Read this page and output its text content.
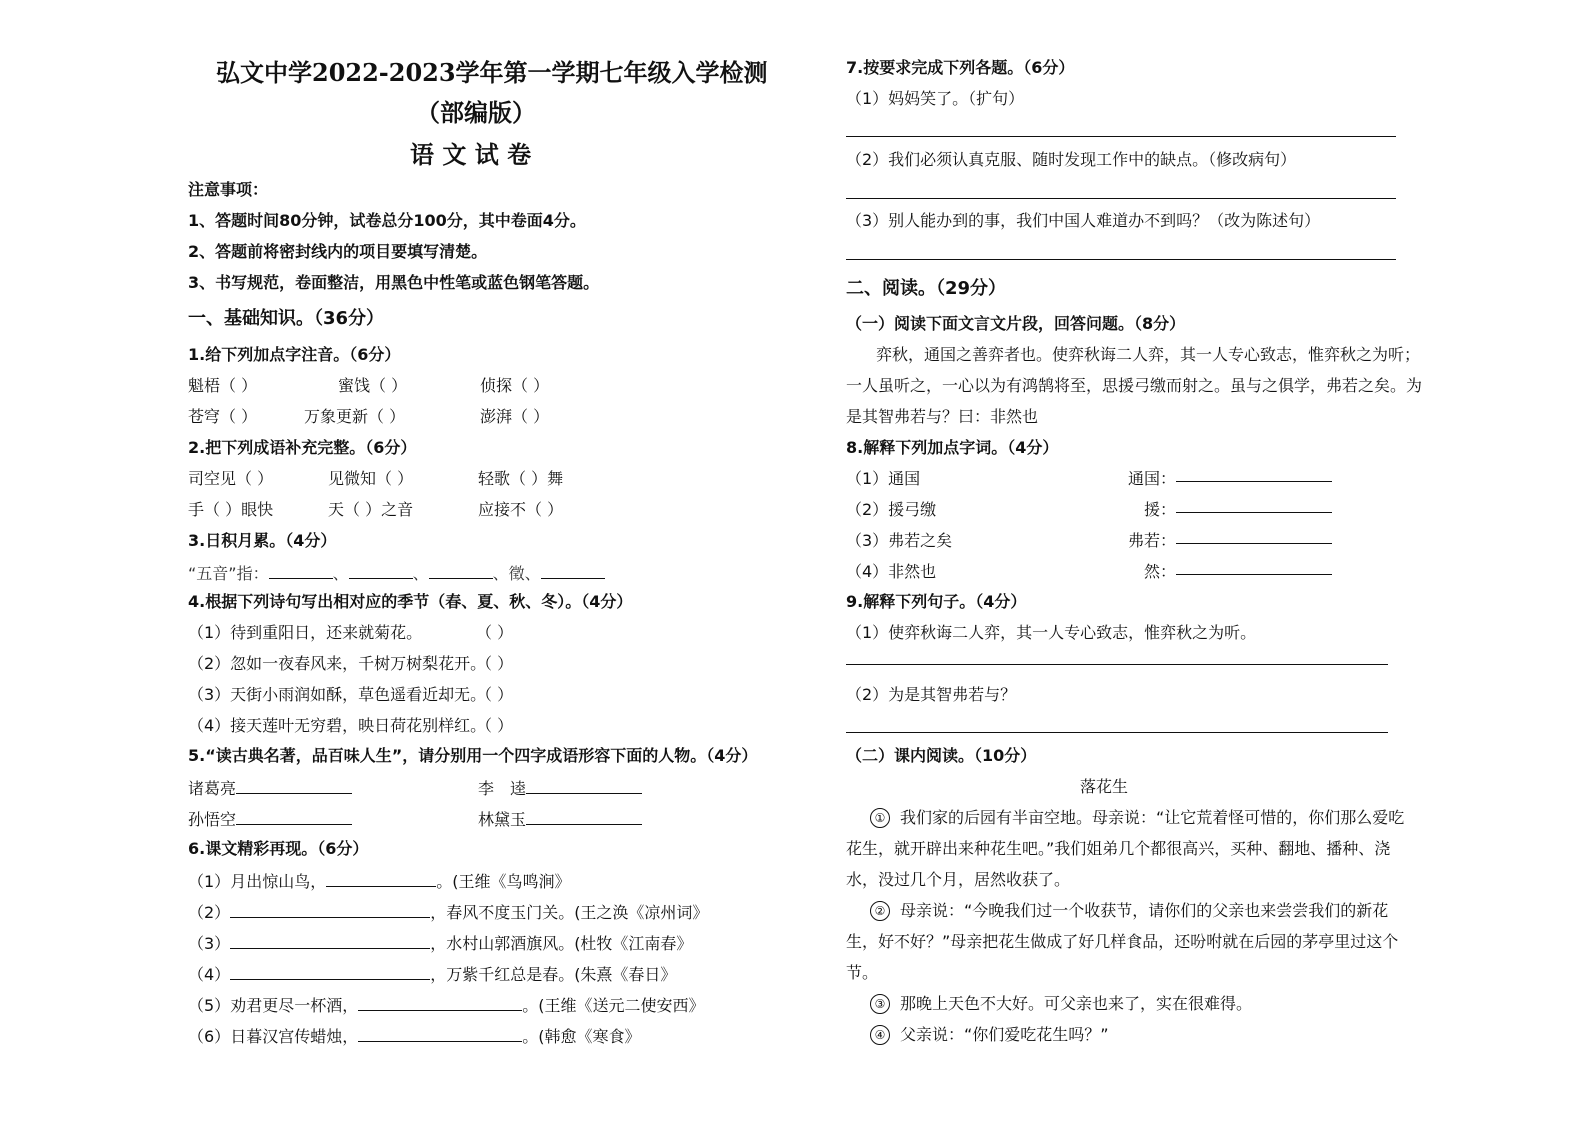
弘文中学2022-2023学年第一学期七年级入学检测
（部编版）
语 文 试 卷
注意事项：
1、答题时间80分钟，试卷总分100分，其中卷面4分。
2、答题前将密封线内的项目要填写清楚。
3、书写规范，卷面整洁，用黑色中性笔或蓝色钢笔答题。
一、基础知识。（36分）
1.给下列加点字注音。（6分）
魁梧（ ）	蜜饯（ ）	侦探（ ）
苍穹（ ）	万象更新（ ）	澎湃（ ）
2.把下列成语补充完整。（6分）
司空见（ ）	见微知（ ）	轻歌（ ）舞
手（ ）眼快	天（ ）之音	应接不（ ）
3.日积月累。（4分）
“五音”指：	、	、	、徵、
4.根据下列诗句写出相对应的季节（春、夏、秋、冬）。（4分）
（1）待到重阳日，还来就菊花。	（ ）
（2）忽如一夜春风来，千树万树梨花开。
（ ）
（3）天街小雨润如酥，草色遥看近却无。
（ ）
（4）接天莲叶无穷碧，映日荷花别样红。
（ ）
5.“读古典名著，品百味人生”，请分别用一个四字成语形容下面的人物。（4分）
诸葛亮	李　逵
孙悟空	林黛玉
6.课文精彩再现。（6分）
（1）月出惊山鸟，	。(王维《鸟鸣涧》
（2）	，春风不度玉门关。(王之涣《凉州词》
（3）	，水村山郭酒旗风。(杜牧《江南春》
（4）	，万紫千红总是春。(朱熹《春日》
（5）劝君更尽一杯酒，	。(王维《送元二使安西》
（6）日暮汉宫传蜡烛，	。(韩愈《寒食》
7.按要求完成下列各题。（6分）
（1）妈妈笑了。（扩句）
（2）我们必须认真克服、随时发现工作中的缺点。（修改病句）
（3）别人能办到的事，我们中国人难道办不到吗？（改为陈述句）
二、阅读。（29分）
（一）阅读下面文言文片段，回答问题。（8分）
弈秋，通国之善弈者也。使弈秋诲二人弈，其一人专心致志，惟弈秋之为听；
一人虽听之，一心以为有鸿鹄将至，思援弓缴而射之。虽与之俱学，弗若之矣。为
是其智弗若与？曰：非然也
8.解释下列加点字词。（4分）
（1）通国	通国：
（2）援弓缴	援：
（3）弗若之矣	弗若：
（4）非然也	然：
9.解释下列句子。（4分）
（1）使弈秋诲二人弈，其一人专心致志，惟弈秋之为听。
（2）为是其智弗若与？
（二）课内阅读。（10分）
落花生
① 我们家的后园有半亩空地。母亲说：“让它荒着怪可惜的，你们那么爱吃
花生，就开辟出来种花生吧。”我们姐弟几个都很高兴，买种、翻地、播种、浇
水，没过几个月，居然收获了。
② 母亲说：“今晚我们过一个收获节，请你们的父亲也来尝尝我们的新花
生，好不好？”母亲把花生做成了好几样食品，还吩咐就在后园的茅亭里过这个
节。
③ 那晚上天色不大好。可父亲也来了，实在很难得。
④ 父亲说：“你们爱吃花生吗？”
